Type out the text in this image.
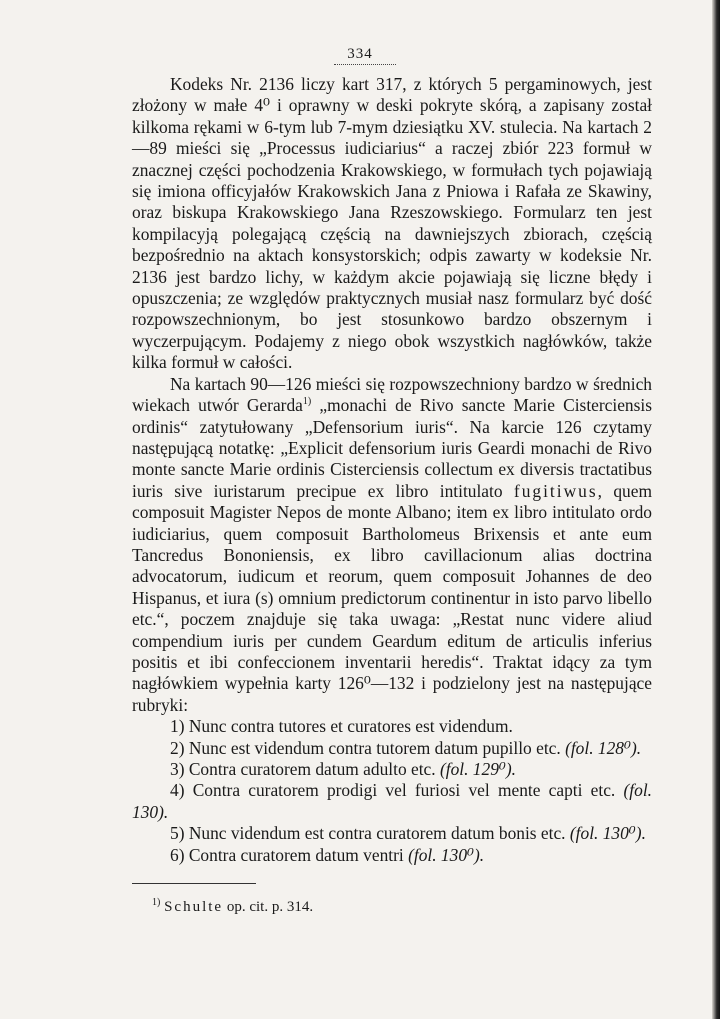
334

Kodeks Nr. 2136 liczy kart 317, z których 5 pergaminowych, jest złożony w małe 4⁰ i oprawny w deski pokryte skórą, a zapisany został kilkoma rękami w 6-tym lub 7-mym dziesiątku XV. stulecia. Na kartach 2—89 mieści się „Processus iudiciarius“ a raczej zbiór 223 formuł w znacznej części pochodzenia Krakowskiego, w formułach tych pojawiają się imiona officyjałów Krakowskich Jana z Pniowa i Rafała ze Skawiny, oraz biskupa Krakowskiego Jana Rzeszowskiego. Formularz ten jest kompilacyją polegającą częścią na dawniejszych zbiorach, częścią bezpośrednio na aktach konsystorskich; odpis zawarty w kodeksie Nr. 2136 jest bardzo lichy, w każdym akcie pojawiają się liczne błędy i opuszczenia; ze względów praktycznych musiał nasz formularz być dość rozpowszechnionym, bo jest stosunkowo bardzo obszernym i wyczerpującym. Podajemy z niego obok wszystkich nagłówków, także kilka formuł w całości.

Na kartach 90—126 mieści się rozpowszechniony bardzo w średnich wiekach utwór Gerarda$^{1)}$ „monachi de Rivo sancte Marie Cisterciensis ordinis“ zatytułowany „Defensorium iuris“. Na karcie 126 czytamy następującą notatkę: „Explicit defensorium iuris Geardi monachi de Rivo monte sancte Marie ordinis Cisterciensis collectum ex diversis tractatibus iuris sive iuristarum precipue ex libro intitulato fugitiwus, quem composuit Magister Nepos de monte Albano; item ex libro intitulato ordo iudiciarius, quem composuit Bartholomeus Brixensis et ante eum Tancredus Bononiensis, ex libro cavillacionum alias doctrina advocatorum, iudicum et reorum, quem composuit Johannes de deo Hispanus, et iura (s) omnium predictorum continentur in isto parvo libello etc.“, poczem znajduje się taka uwaga: „Restat nunc videre aliud compendium iuris per cundem Geardum editum de articulis inferius positis et ibi confeccionem inventarii heredis“. Traktat idący za tym nagłówkiem wypełnia karty 126⁰—132 i podzielony jest na następujące rubryki:

1) Nunc contra tutores et curatores est videndum.
2) Nunc est videndum contra tutorem datum pupillo etc. (fol. 128⁰).
3) Contra curatorem datum adulto etc. (fol. 129⁰).
4) Contra curatorem prodigi vel furiosi vel mente capti etc. (fol. 130).
5) Nunc videndum est contra curatorem datum bonis etc. (fol. 130⁰).
6) Contra curatorem datum ventri (fol. 130⁰).
$^{1)}$ Schulte op. cit. p. 314.
